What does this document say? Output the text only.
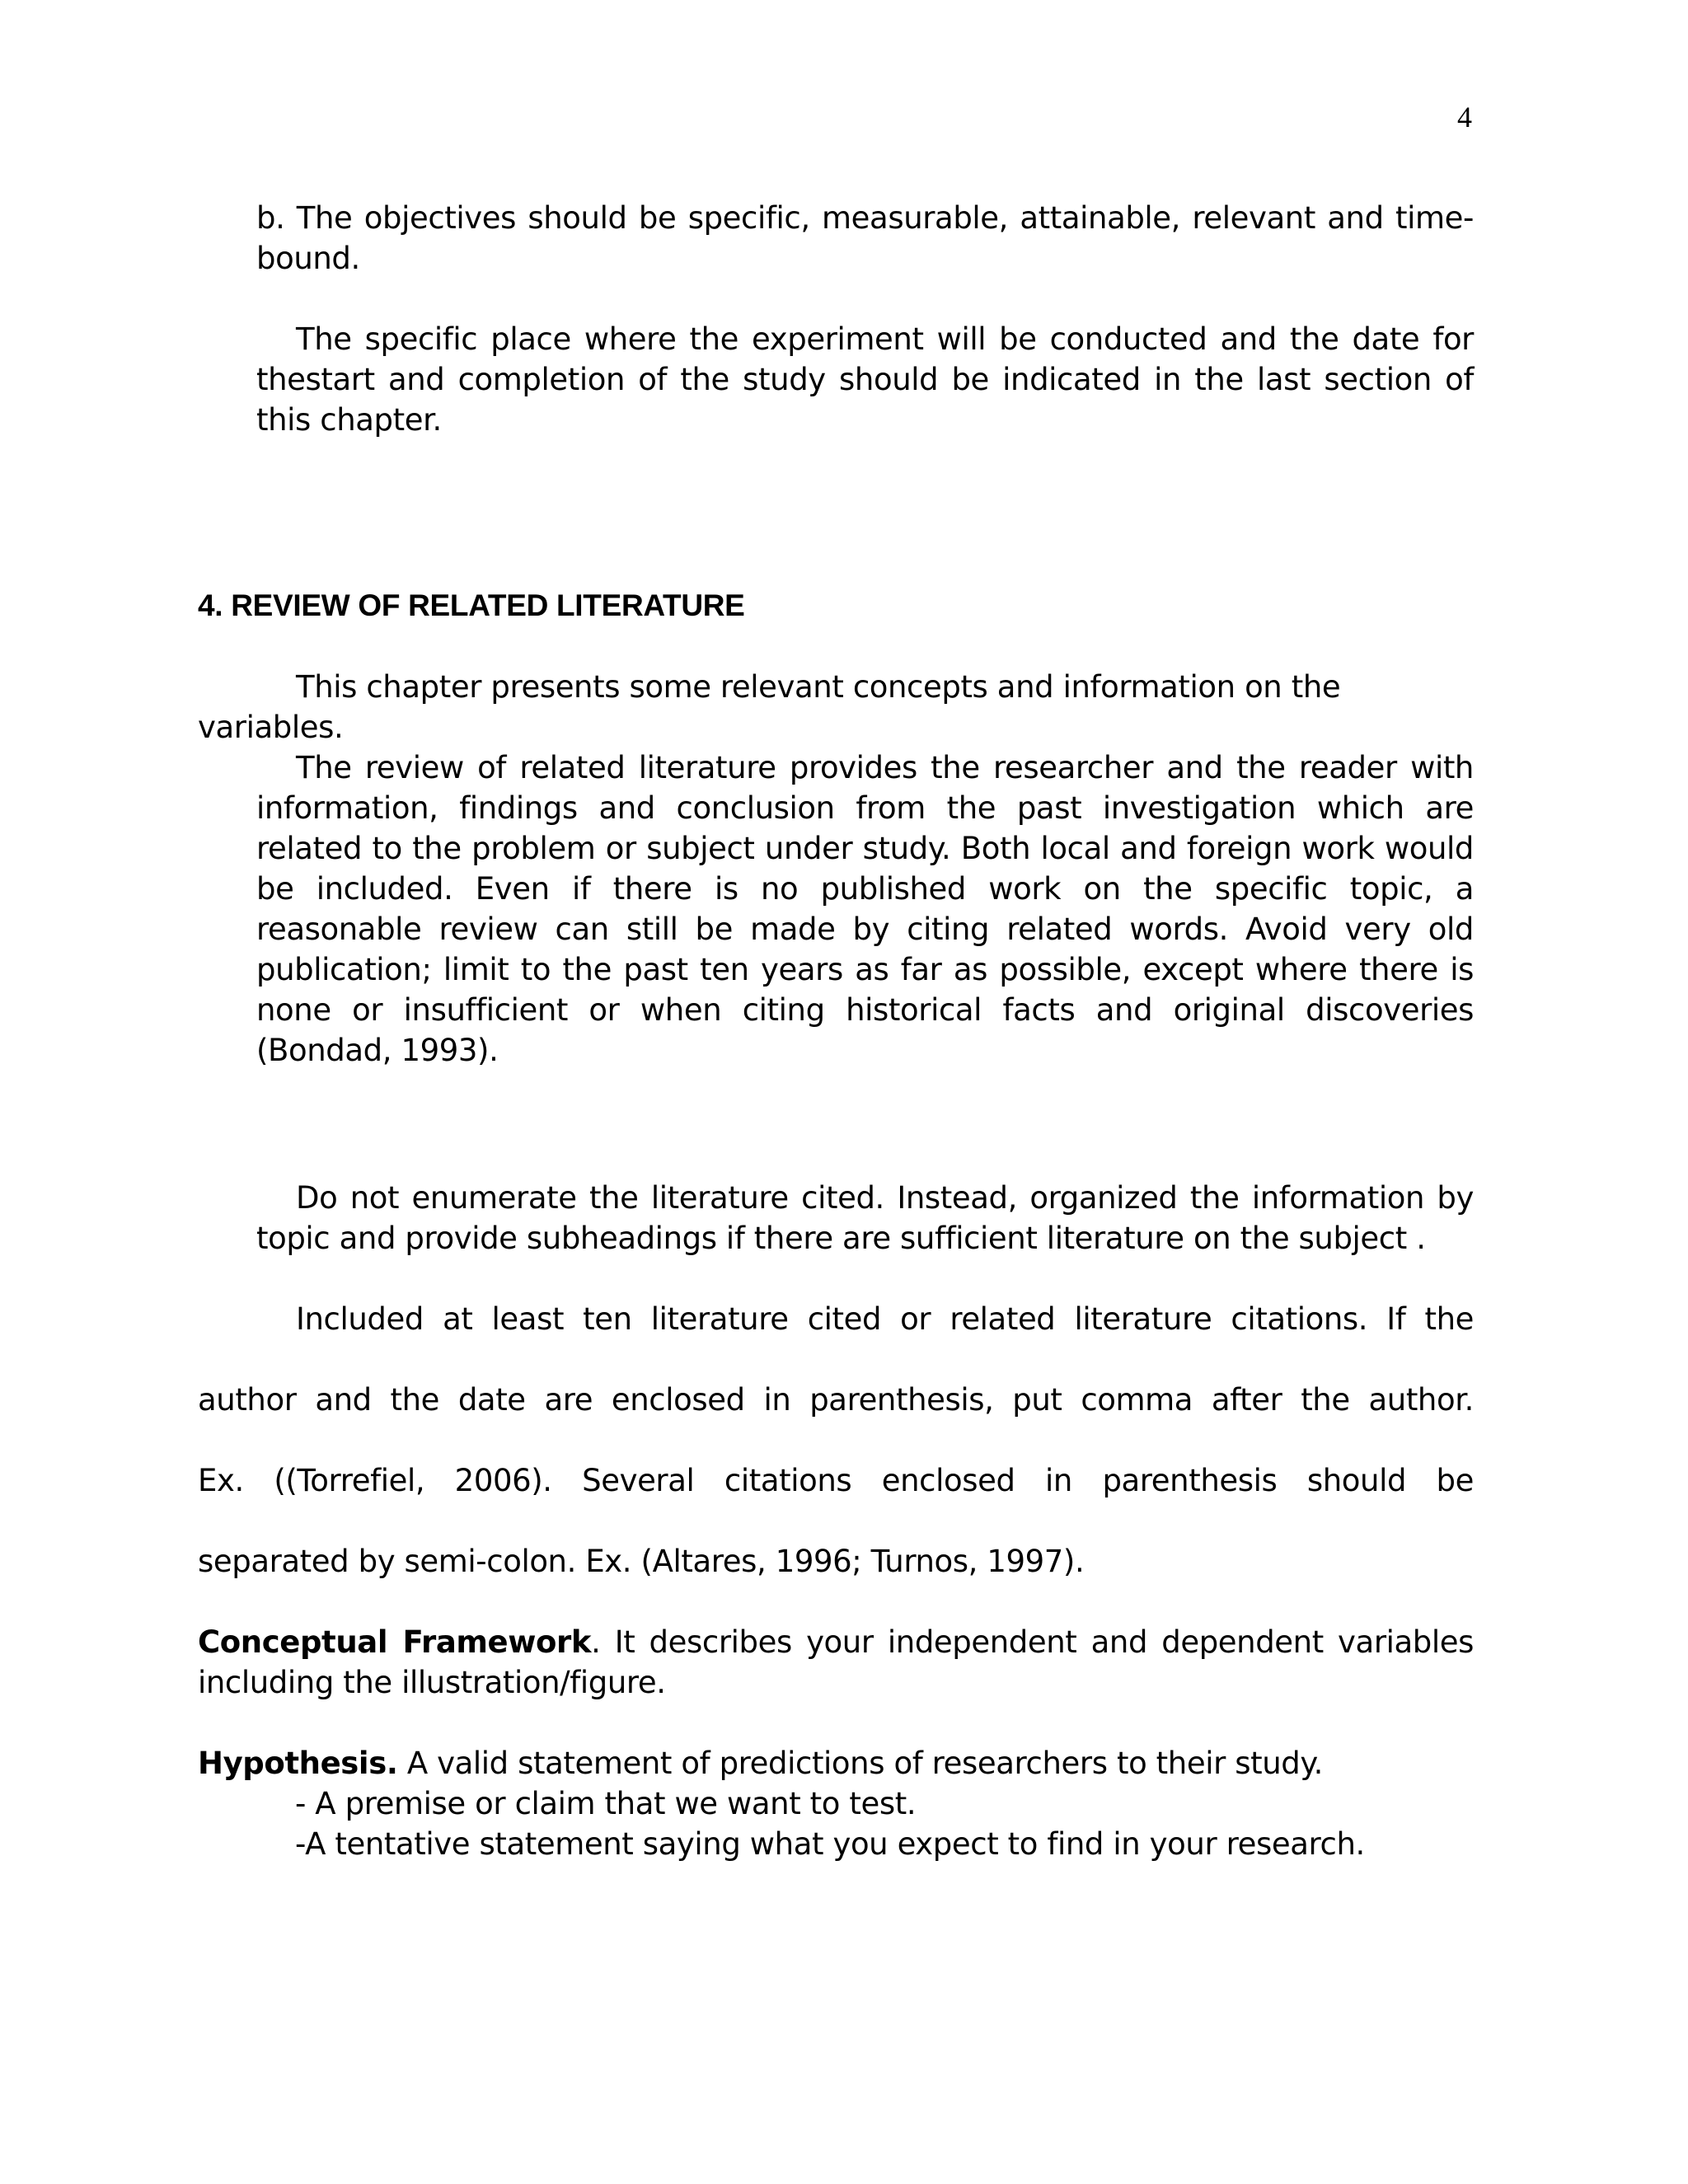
4
b. The objectives should be specific, measurable, attainable, relevant and time-bound.
The specific place where the experiment will be conducted and the date for thestart and completion of the study should be indicated in the last section of this chapter.
4. REVIEW OF RELATED LITERATURE
This chapter presents some relevant concepts and information on the variables.
The review of related literature provides the researcher and the reader with information, findings and conclusion from the past investigation which are related to the problem or subject under study. Both local and foreign work would be included. Even if there is no published work on the specific topic, a reasonable review can still be made by citing related words. Avoid very old publication; limit to the past ten years as far as possible, except where there is none or insufficient or when citing historical facts and original discoveries (Bondad, 1993).
Do not enumerate the literature cited. Instead, organized the information by topic and provide subheadings if there are sufficient literature on the subject .
Included at least ten literature cited or related literature citations. If the
author and the date are enclosed in parenthesis, put comma after the author.
Ex. ((Torrefiel, 2006). Several citations enclosed in parenthesis should be
separated by semi-colon. Ex. (Altares, 1996; Turnos, 1997).
Conceptual Framework. It describes your independent and dependent variables including the illustration/figure.
Hypothesis. A valid statement of predictions of researchers to their study.
- A premise or claim that we want to test.
-A tentative statement saying what you expect to find in your research.
